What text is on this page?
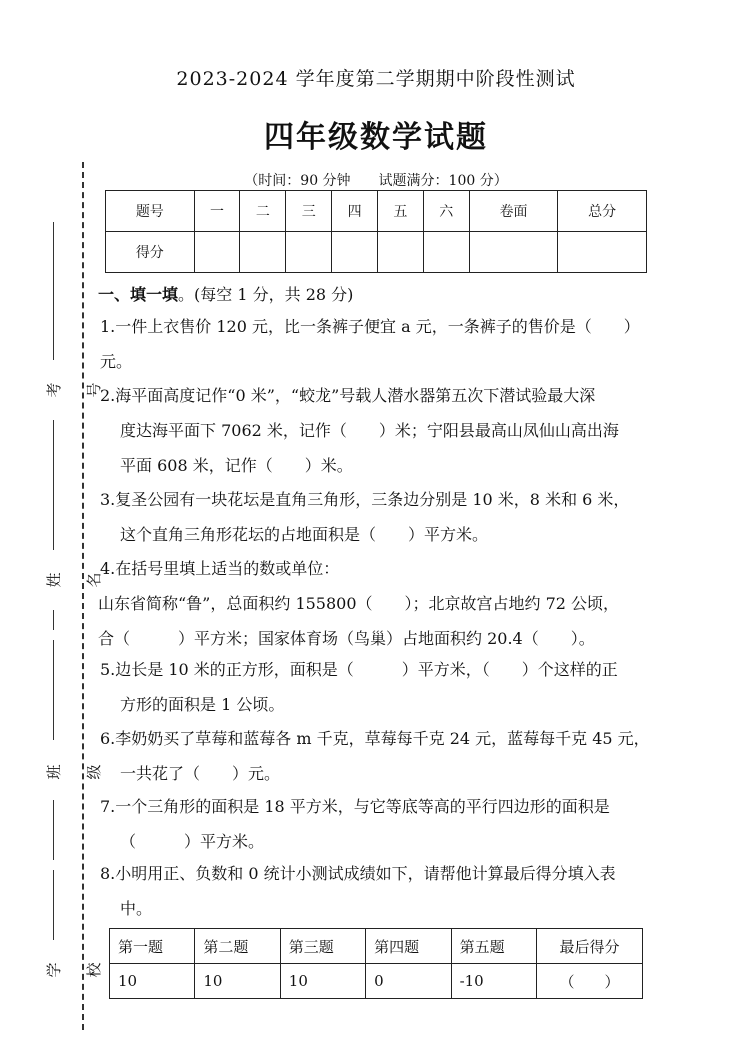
2023-2024 学年度第二学期期中阶段性测试
四年级数学试题
（时间：90 分钟　　试题满分：100 分）
考号
姓名
班级
学校
题号	一	二	三	四	五	六	卷面	总分
得分								
一、填一填。(每空 1 分，共 28 分)
1.一件上衣售价 120 元，比一条裤子便宜 a 元，一条裤子的售价是（　　）
元。
2.海平面高度记作“0 米”，“蛟龙”号载人潜水器第五次下潜试验最大深
度达海平面下 7062 米，记作（　　）米；宁阳县最高山凤仙山高出海
平面 608 米，记作（　　）米。
3.复圣公园有一块花坛是直角三角形，三条边分别是 10 米，8 米和 6 米，
这个直角三角形花坛的占地面积是（　　）平方米。
4.在括号里填上适当的数或单位：
山东省简称“鲁”，总面积约 155800（　　）；北京故宫占地约 72 公顷，
合（　　　）平方米；国家体育场（鸟巢）占地面积约 20.4（　　）。
5.边长是 10 米的正方形，面积是（　　　）平方米，（　　）个这样的正
方形的面积是 1 公顷。
6.李奶奶买了草莓和蓝莓各 m 千克，草莓每千克 24 元，蓝莓每千克 45 元，
一共花了（　　）元。
7.一个三角形的面积是 18 平方米，与它等底等高的平行四边形的面积是
（　　　）平方米。
8.小明用正、负数和 0 统计小测试成绩如下，请帮他计算最后得分填入表
中。
第一题	第二题	第三题	第四题	第五题	最后得分
10	10	10	0	-10	（　　）
